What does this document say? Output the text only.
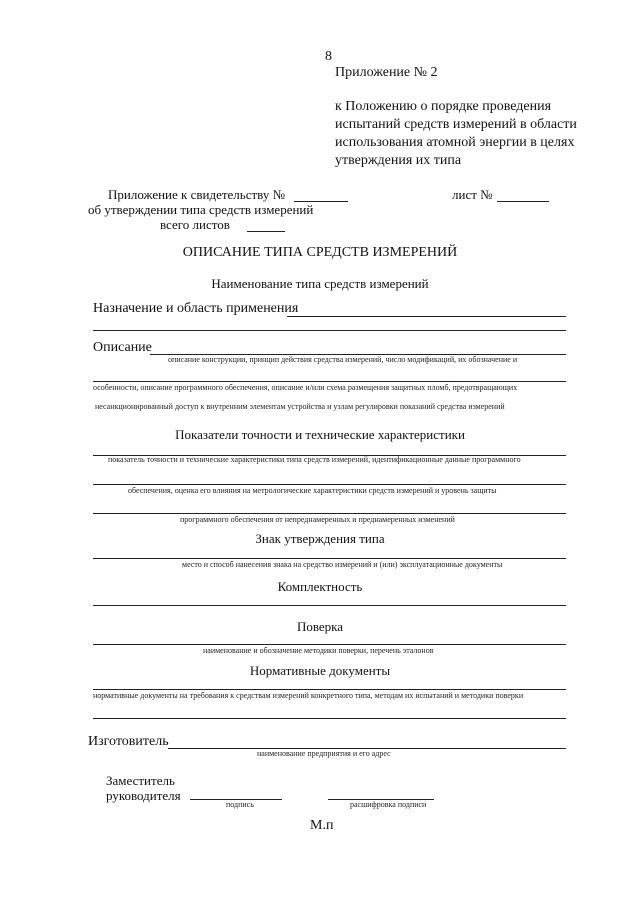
8
Приложение № 2
к Положению о порядке проведения
испытаний средств измерений в области
использования атомной энергии в целях
утверждения их типа
Приложение к свидетельству №	лист №
об утверждении типа средств измерений
всего листов
ОПИСАНИЕ ТИПА СРЕДСТВ ИЗМЕРЕНИЙ
Наименование типа средств измерений
Назначение и область применения
Описание
описание конструкции, принцип действия средства измерений, число модификаций, их обозначение и
особенности, описание программного обеспечения, описание и/или схема размещения защитных пломб, предотвращающих
несанкционированный доступ к внутренним элементам устройства и узлам регулировки показаний средства измерений
Показатели точности и технические характеристики
показатель точности и технические характеристики типа средств измерений, идентификационные данные программного
обеспечения, оценка его влияния на метрологические характеристики средств измерений и уровень защиты
программного обеспечения от непреднамеренных и преднамеренных изменений
Знак утверждения типа
место и способ нанесения знака на средство измерений и (или) эксплуатационные документы
Комплектность
Поверка
наименование и обозначение методики поверки, перечень эталонов
Нормативные документы
нормативные документы на требования к средствам измерений конкретного типа, методам их испытаний и методики поверки
Изготовитель
наименование предприятия и его адрес
Заместитель
руководителя
подпись	расшифровка подписи
М.п
